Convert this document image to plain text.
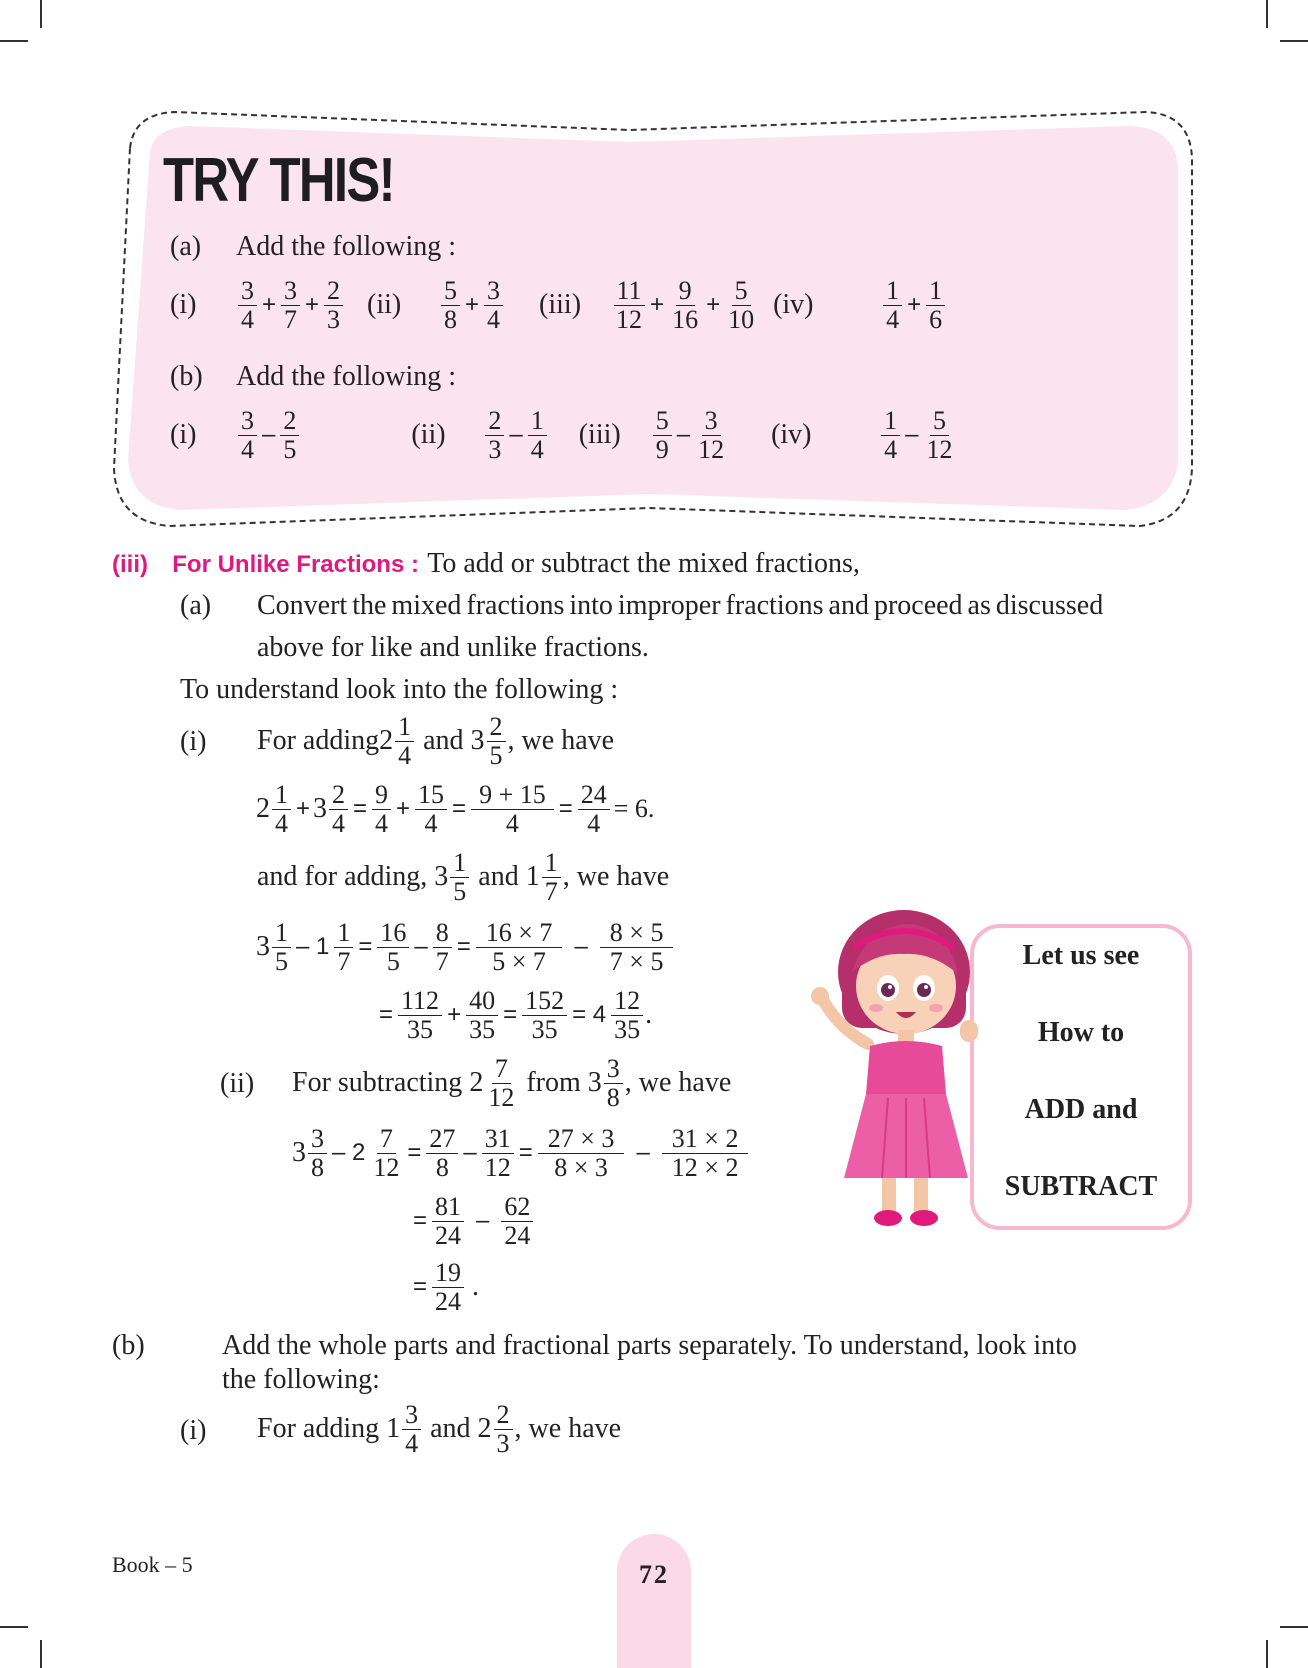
TRY THIS!
(a) Add the following :
(i)	$\frac{3}{4} + \frac{3}{7} + \frac{2}{3} (ii)$	$\frac{5}{8} + \frac{3}{4} (iii)$	$\frac{11}{12} + \frac{9}{16} + \frac{5}{10} (iv)$	$\frac{1}{4} + \frac{1}{6}$
(b) Add the following :
(i)	$\frac{3}{4} - \frac{2}{5}$	(ii)	$\frac{2}{3} - \frac{1}{4} (iii)$	$\frac{5}{9} - \frac{3}{12} (iv)$	$\frac{1}{4} - \frac{5}{12}$
(iii) For Unlike Fractions : To add or subtract the mixed fractions,
(a) Convert the mixed fractions into improper fractions and proceed as discussed
above for like and unlike fractions.
To understand look into the following :
(i) For adding $2 \frac{1}{4}$ and $3 \frac{2}{5}$ , we have
$2 \frac{1}{4} + 3 \frac{2}{4} = \frac{9}{4} + \frac{15}{4} = \frac{9 + 15}{4} = \frac{24}{4} = 6$.
and for adding, $3 \frac{1}{5}$ and $1 \frac{1}{7}$ , we have
$3 \frac{1}{5} - 1 \frac{1}{7} = \frac{16}{5} - \frac{8}{7} = \frac{16 \times 7}{5 \times 7} - \frac{8 \times 5}{7 \times 5}$
= $\frac{112}{35} + \frac{40}{35} = \frac{152}{35} = 4 \frac{12}{35}$ .
(ii) For subtracting $2 \frac{7}{12}$ from $3 \frac{3}{8}$ , we have
$3 \frac{3}{8} - 2 \frac{7}{12} = \frac{27}{8} - \frac{31}{12} = \frac{27 \times 3}{8 \times 3} - \frac{31 \times 2}{12 \times 2}$
= $\frac{81}{24} - \frac{62}{24}$
= $\frac{19}{24}$ .
Let us see
How to
ADD and
SUBTRACT
(b)	Add the whole parts and fractional parts separately. To understand, look into
the following:
(i) For adding $1 \frac{3}{4}$ and $2 \frac{2}{3}$ , we have
Book – 5	72
